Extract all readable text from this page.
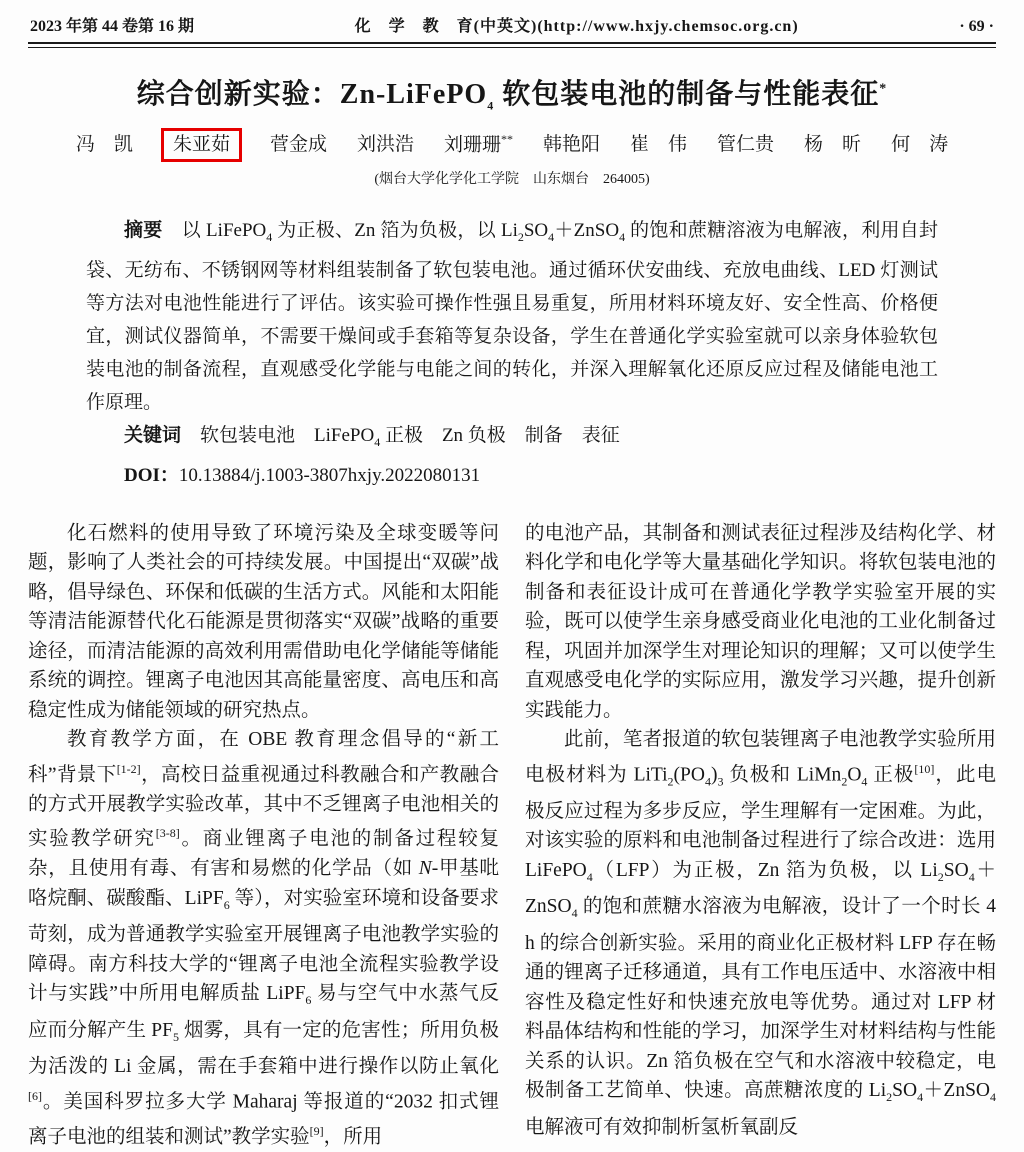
2023 年第 44 卷第 16 期	化　学　教　育(中英文)(http://www.hxjy.chemsoc.org.cn)	· 69 ·
综合创新实验：Zn-LiFePO$_4$ 软包装电池的制备与性能表征*
冯　凯	朱亚茹	菅金成 刘洪浩 刘珊珊** 韩艳阳 崔　伟 管仁贵 杨　昕 何　涛
(烟台大学化学化工学院　山东烟台　264005)

摘要　以 LiFePO$_4$ 为正极、Zn 箔为负极，以 $Li_2SO_4+ZnSO_4$ 的饱和蔗糖溶液为电解液，利用自封袋、无纺布、不锈钢网等材料组装制备了软包装电池。通过循环伏安曲线、充放电曲线、LED 灯测试等方法对电池性能进行了评估。该实验可操作性强且易重复，所用材料环境友好、安全性高、价格便宜，测试仪器简单，不需要干燥间或手套箱等复杂设备，学生在普通化学实验室就可以亲身体验软包装电池的制备流程，直观感受化学能与电能之间的转化，并深入理解氧化还原反应过程及储能电池工作原理。

关键词　软包装电池　LiFePO$_4$ 正极　Zn 负极　制备　表征

DOI：10.13884/j.1003-3807hxjy.2022080131

化石燃料的使用导致了环境污染及全球变暖等问题，影响了人类社会的可持续发展。中国提出“双碳”战略，倡导绿色、环保和低碳的生活方式。风能和太阳能等清洁能源替代化石能源是贯彻落实“双碳”战略的重要途径，而清洁能源的高效利用需借助电化学储能等储能系统的调控。锂离子电池因其高能量密度、高电压和高稳定性成为储能领域的研究热点。

教育教学方面，在 OBE 教育理念倡导的“新工科”背景下[1-2]，高校日益重视通过科教融合和产教融合的方式开展教学实验改革，其中不乏锂离子电池相关的实验教学研究[3-8]。商业锂离子电池的制备过程较复杂，且使用有毒、有害和易燃的化学品（如 N-甲基吡咯烷酮、碳酸酯、LiPF$_6$ 等），对实验室环境和设备要求苛刻，成为普通教学实验室开展锂离子电池教学实验的障碍。南方科技大学的“锂离子电池全流程实验教学设计与实践”中所用电解质盐 LiPF$_6$ 易与空气中水蒸气反应而分解产生 $PF_5$ 烟雾，具有一定的危害性；所用负极为活泼的 Li 金属，需在手套箱中进行操作以防止氧化[6]。美国科罗拉多大学 Maharaj 等报道的“2032 扣式锂离子电池的组装和测试”教学实验[9]，所用

的电池产品，其制备和测试表征过程涉及结构化学、材料化学和电化学等大量基础化学知识。将软包装电池的制备和表征设计成可在普通化学教学实验室开展的实验，既可以使学生亲身感受商业化电池的工业化制备过程，巩固并加深学生对理论知识的理解；又可以使学生直观感受电化学的实际应用，激发学习兴趣，提升创新实践能力。

此前，笔者报道的软包装锂离子电池教学实验所用电极材料为 $LiTi_2(PO_4)_3$ 负极和 $LiMn_2O_4$ 正极[10]，此电极反应过程为多步反应，学生理解有一定困难。为此，对该实验的原料和电池制备过程进行了综合改进：选用 LiFePO$_4$（LFP）为正极，Zn 箔为负极，以 $Li_2SO_4+ZnSO_4$ 的饱和蔗糖水溶液为电解液，设计了一个时长 4 h 的综合创新实验。采用的商业化正极材料 LFP 存在畅通的锂离子迁移通道，具有工作电压适中、水溶液中相容性及稳定性好和快速充放电等优势。通过对 LFP 材料晶体结构和性能的学习，加深学生对材料结构与性能关系的认识。Zn 箔负极在空气和水溶液中较稳定，电极制备工艺简单、快速。高蔗糖浓度的 $Li_2SO_4+ZnSO_4$ 电解液可有效抑制析氢析氧副反
